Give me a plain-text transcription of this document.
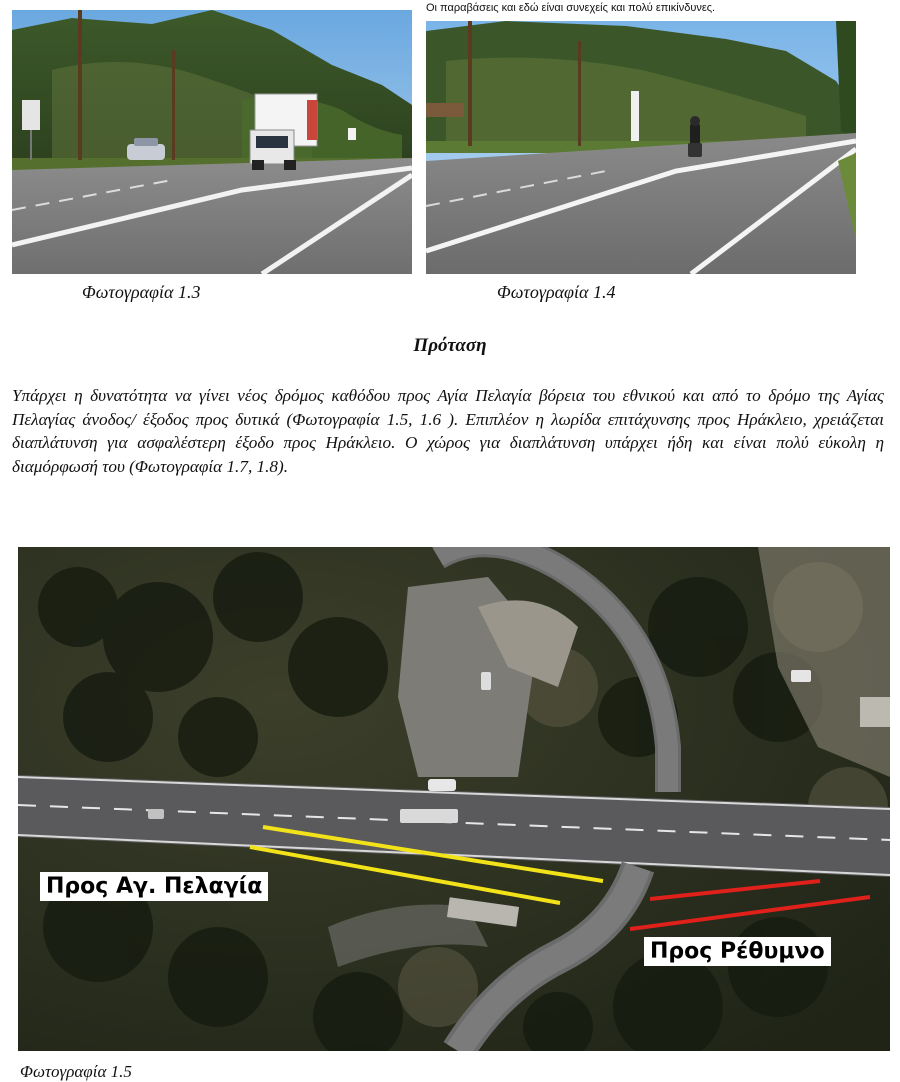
Οι παραβάσεις και εδώ είναι συνεχείς και πολύ επικίνδυνες.
Φωτογραφία 1.3	Φωτογραφία 1.4
Πρόταση
Υπάρχει η δυνατότητα να γίνει νέος δρόμος καθόδου προς Αγία Πελαγία βόρεια του εθνικού και από το δρόμο της Αγίας Πελαγίας άνοδος/ έξοδος προς δυτικά (Φωτογραφία 1.5, 1.6 ). Επιπλέον η λωρίδα επιτάχυνσης προς Ηράκλειο, χρειάζεται διαπλάτυνση για ασφαλέστερη έξοδο προς Ηράκλειο. Ο χώρος για διαπλάτυνση υπάρχει ήδη και είναι πολύ εύκολη η διαμόρφωσή του (Φωτογραφία 1.7, 1.8).
Προς Αγ. Πελαγία
Προς Ρέθυμνο
Φωτογραφία 1.5
